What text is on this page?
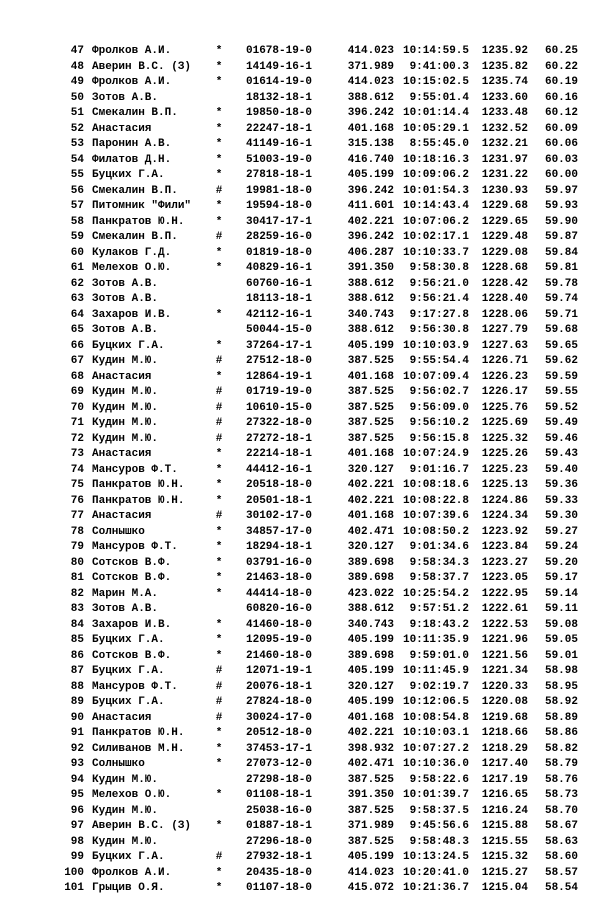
47 Фролков А.И.	* 01678-19-0	414.023 10:14:59.5	1235.92	60.25
48 Аверин В.С. (З) * 14149-16-1	371.989	9:41:00.3	1235.82	60.22
49 Фролков А.И.	* 01614-19-0	414.023 10:15:02.5	1235.74	60.19
50 Зотов А.В.	18132-18-1	388.612	9:55:01.4	1233.60	60.16
51 Смекалин В.П.	* 19850-18-0	396.242 10:01:14.4	1233.48	60.12
52 Анастасия	* 22247-18-1	401.168 10:05:29.1	1232.52	60.09
53 Паронин А.В.	* 41149-16-1	315.138	8:55:45.0	1232.21	60.06
54 Филатов Д.Н.	* 51003-19-0	416.740 10:18:16.3	1231.97	60.03
55 Буцких Г.А.	* 27818-18-1	405.199 10:09:06.2	1231.22	60.00
56 Смекалин В.П.	# 19981-18-0	396.242 10:01:54.3	1230.93	59.97
57 Питомник "Фили" * 19594-18-0	411.601 10:14:43.4	1229.68	59.93
58 Панкратов Ю.Н.	* 30417-17-1	402.221 10:07:06.2	1229.65	59.90
59 Смекалин В.П.	# 28259-16-0	396.242 10:02:17.1	1229.48	59.87
60 Кулаков Г.Д.	* 01819-18-0	406.287 10:10:33.7	1229.08	59.84
61 Мелехов О.Ю.	* 40829-16-1	391.350	9:58:30.8	1228.68	59.81
62 Зотов А.В.	60760-16-1	388.612	9:56:21.0	1228.42	59.78
63 Зотов А.В.	18113-18-1	388.612	9:56:21.4	1228.40	59.74
64 Захаров И.В.	* 42112-16-1	340.743	9:17:27.8	1228.06	59.71
65 Зотов А.В.	50044-15-0	388.612	9:56:30.8	1227.79	59.68
66 Буцких Г.А.	* 37264-17-1	405.199 10:10:03.9	1227.63	59.65
67 Кудин М.Ю.	# 27512-18-0	387.525	9:55:54.4	1226.71	59.62
68 Анастасия	* 12864-19-1	401.168 10:07:09.4	1226.23	59.59
69 Кудин М.Ю.	# 01719-19-0	387.525	9:56:02.7	1226.17	59.55
70 Кудин М.Ю.	# 10610-15-0	387.525	9:56:09.0	1225.76	59.52
71 Кудин М.Ю.	# 27322-18-0	387.525	9:56:10.2	1225.69	59.49
72 Кудин М.Ю.	# 27272-18-1	387.525	9:56:15.8	1225.32	59.46
73 Анастасия	* 22214-18-1	401.168 10:07:24.9	1225.26	59.43
74 Мансуров Ф.Т.	* 44412-16-1	320.127	9:01:16.7	1225.23	59.40
75 Панкратов Ю.Н.	* 20518-18-0	402.221 10:08:18.6	1225.13	59.36
76 Панкратов Ю.Н.	* 20501-18-1	402.221 10:08:22.8	1224.86	59.33
77 Анастасия	# 30102-17-0	401.168 10:07:39.6	1224.34	59.30
78 Солнышко	* 34857-17-0	402.471 10:08:50.2	1223.92	59.27
79 Мансуров Ф.Т.	* 18294-18-1	320.127	9:01:34.6	1223.84	59.24
80 Сотсков В.Ф.	* 03791-16-0	389.698	9:58:34.3	1223.27	59.20
81 Сотсков В.Ф.	* 21463-18-0	389.698	9:58:37.7	1223.05	59.17
82 Марин М.А.	* 44414-18-0	423.022 10:25:54.2	1222.95	59.14
83 Зотов А.В.	60820-16-0	388.612	9:57:51.2	1222.61	59.11
84 Захаров И.В.	* 41460-18-0	340.743	9:18:43.2	1222.53	59.08
85 Буцких Г.А.	* 12095-19-0	405.199 10:11:35.9	1221.96	59.05
86 Сотсков В.Ф.	* 21460-18-0	389.698	9:59:01.0	1221.56	59.01
87 Буцких Г.А.	# 12071-19-1	405.199 10:11:45.9	1221.34	58.98
88 Мансуров Ф.Т.	# 20076-18-1	320.127	9:02:19.7	1220.33	58.95
89 Буцких Г.А.	# 27824-18-0	405.199 10:12:06.5	1220.08	58.92
90 Анастасия	# 30024-17-0	401.168 10:08:54.8	1219.68	58.89
91 Панкратов Ю.Н.	* 20512-18-0	402.221 10:10:03.1	1218.66	58.86
92 Силиванов М.Н.	* 37453-17-1	398.932 10:07:27.2	1218.29	58.82
93 Солнышко	* 27073-12-0	402.471 10:10:36.0	1217.40	58.79
94 Кудин М.Ю.	27298-18-0	387.525	9:58:22.6	1217.19	58.76
95 Мелехов О.Ю.	* 01108-18-1	391.350 10:01:39.7	1216.65	58.73
96 Кудин М.Ю.	25038-16-0	387.525	9:58:37.5	1216.24	58.70
97 Аверин В.С. (З) * 01887-18-1	371.989	9:45:56.6	1215.88	58.67
98 Кудин М.Ю.	27296-18-0	387.525	9:58:48.3	1215.55	58.63
99 Буцких Г.А.	# 27932-18-1	405.199 10:13:24.5	1215.32	58.60
100 Фролков А.И.	* 20435-18-0	414.023 10:20:41.0	1215.27	58.57
101 Грыцив О.Я.	* 01107-18-0	415.072 10:21:36.7	1215.04	58.54
